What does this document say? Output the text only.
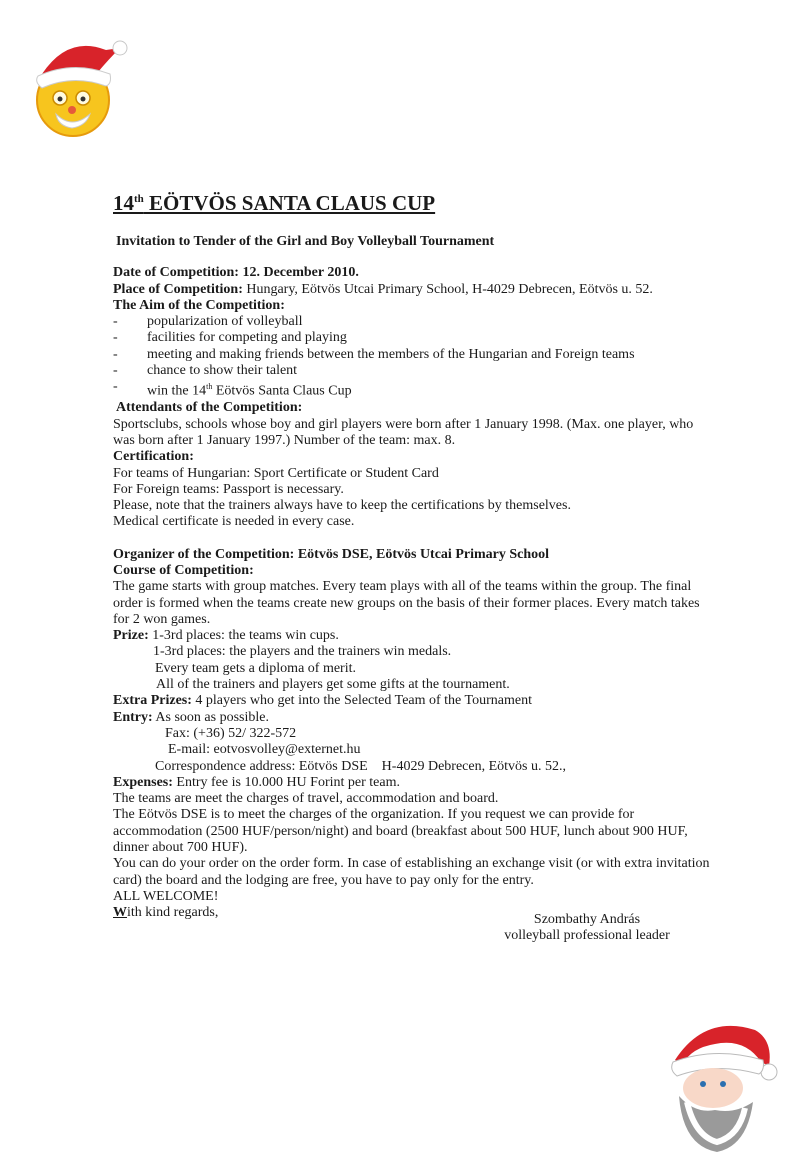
14th EÖTVÖS SANTA CLAUS CUP
Invitation to Tender of the Girl and Boy Volleyball Tournament
Date of Competition: 12. December 2010.
Place of Competition: Hungary, Eötvös Utcai Primary School, H-4029 Debrecen, Eötvös u. 52.
The Aim of the Competition:
-	popularization of volleyball
-	facilities for competing and playing
-	meeting and making friends between the members of the Hungarian and Foreign teams
-	chance to show their talent
-	win the 14th Eötvös Santa Claus Cup
Attendants of the Competition:
Sportsclubs, schools whose boy and girl players were born after 1 January 1998. (Max. one player, who was born after 1 January 1997.) Number of the team: max. 8.
Certification:
For teams of Hungarian: Sport Certificate or Student Card
For Foreign teams: Passport is necessary.
Please, note that the trainers always have to keep the certifications by themselves.
Medical certificate is needed in every case.
Organizer of the Competition: Eötvös DSE, Eötvös Utcai Primary School
Course of Competition:
The game starts with group matches. Every team plays with all of the teams within the group. The final order is formed when the teams create new groups on the basis of their former places. Every match takes for 2 won games.
Prize: 1-3rd places: the teams win cups.
1-3rd places: the players and the trainers win medals.
Every team gets a diploma of merit.
All of the trainers and players get some gifts at the tournament.
Extra Prizes: 4 players who get into the Selected Team of the Tournament
Entry: As soon as possible.
Fax: (+36) 52/ 322-572
E-mail: eotvosvolley@externet.hu
Correspondence address: Eötvös DSE    H-4029 Debrecen, Eötvös u. 52.,
Expenses: Entry fee is 10.000 HU Forint per team.
The teams are meet the charges of travel, accommodation and board.
The Eötvös DSE is to meet the charges of the organization. If you request we can provide for accommodation (2500 HUF/person/night) and board (breakfast about 500 HUF, lunch about 900 HUF, dinner about 700 HUF).
You can do your order on the order form. In case of establishing an exchange visit (or with extra invitation card) the board and the lodging are free, you have to pay only for the entry.
ALL WELCOME!
With kind regards,	Szombathy András
volleyball professional leader
